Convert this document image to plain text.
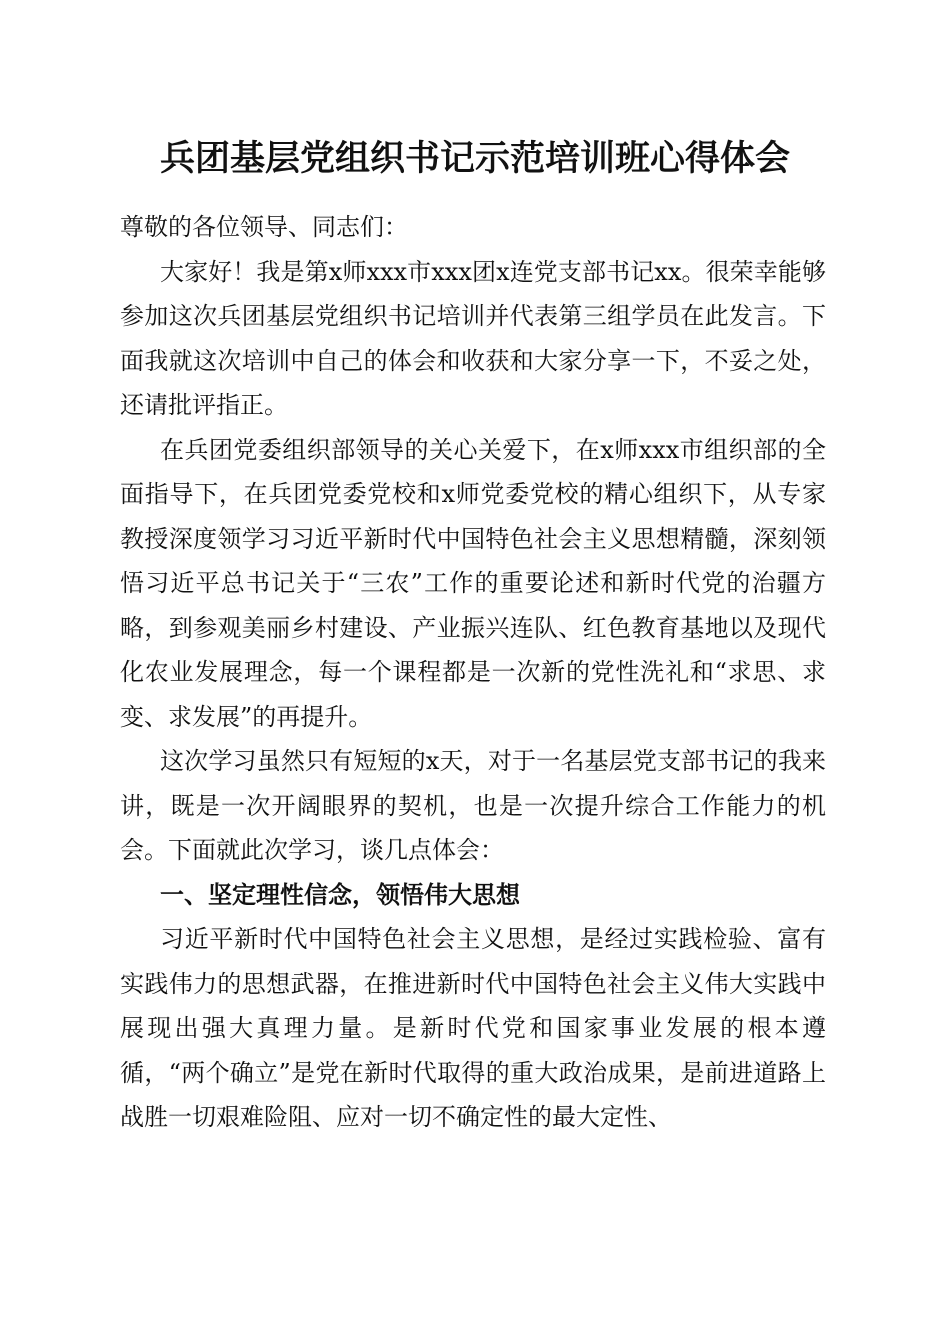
兵团基层党组织书记示范培训班心得体会

尊敬的各位领导、同志们：

大家好！我是第x师xxx市xxx团x连党支部书记xx。很荣幸能够参加这次兵团基层党组织书记培训并代表第三组学员在此发言。下面我就这次培训中自己的体会和收获和大家分享一下，不妥之处，还请批评指正。

在兵团党委组织部领导的关心关爱下，在x师xxx市组织部的全面指导下，在兵团党委党校和x师党委党校的精心组织下，从专家教授深度领学习习近平新时代中国特色社会主义思想精髓，深刻领悟习近平总书记关于“三农”工作的重要论述和新时代党的治疆方略，到参观美丽乡村建设、产业振兴连队、红色教育基地以及现代化农业发展理念，每一个课程都是一次新的党性洗礼和“求思、求变、求发展”的再提升。

这次学习虽然只有短短的x天，对于一名基层党支部书记的我来讲，既是一次开阔眼界的契机，也是一次提升综合工作能力的机会。下面就此次学习，谈几点体会：

一、坚定理性信念，领悟伟大思想

习近平新时代中国特色社会主义思想，是经过实践检验、富有实践伟力的思想武器，在推进新时代中国特色社会主义伟大实践中展现出强大真理力量。是新时代党和国家事业发展的根本遵循，“两个确立”是党在新时代取得的重大政治成果，是前进道路上战胜一切艰难险阻、应对一切不确定性的最大定性、
